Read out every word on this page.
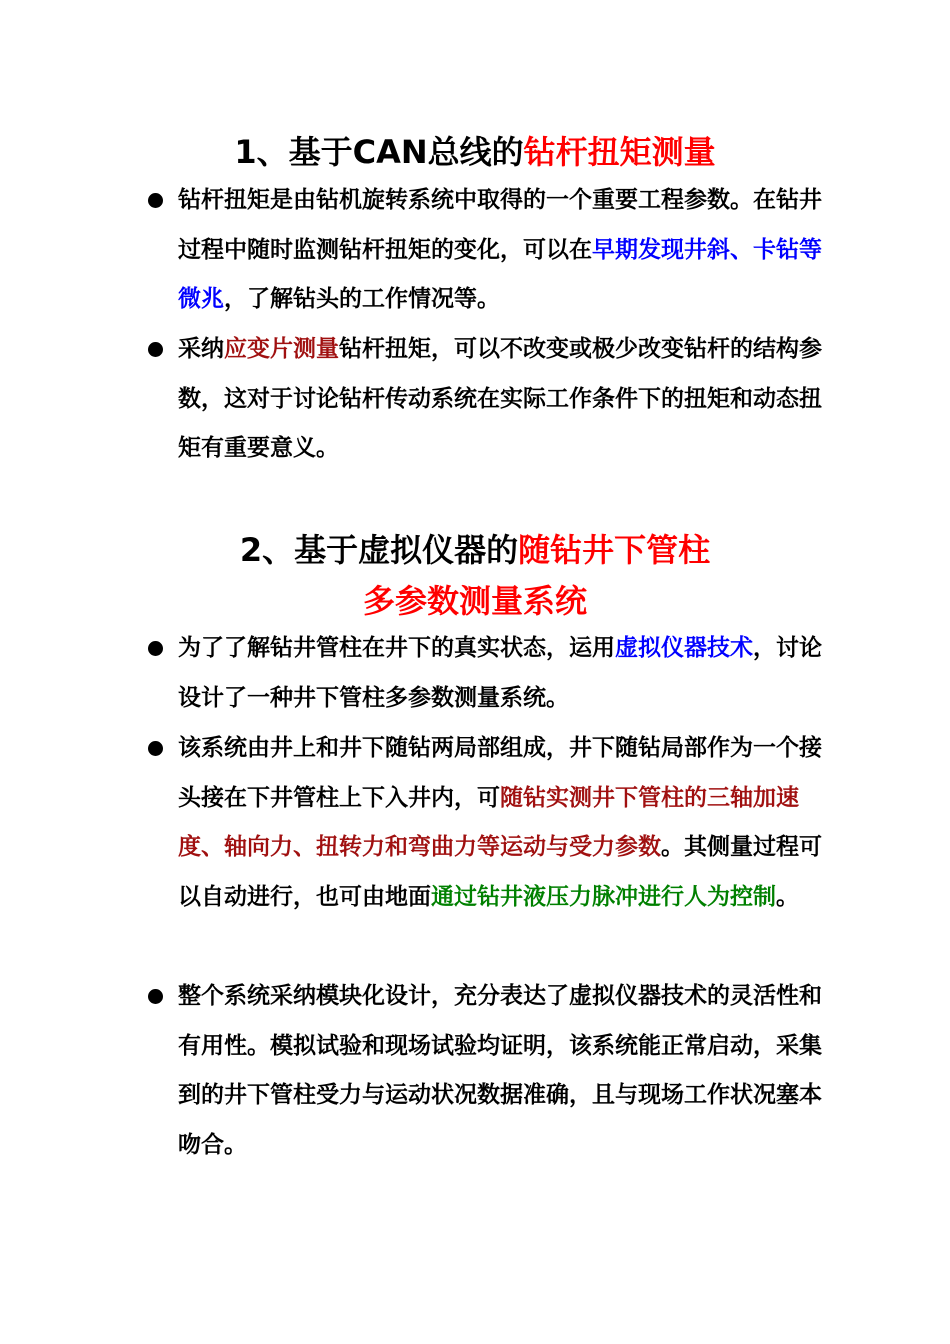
1、基于CAN总线的钻杆扭矩测量
钻杆扭矩是由钻机旋转系统中取得的一个重要工程参数。在钻井过程中随时监测钻杆扭矩的变化，可以在早期发现井斜、卡钻等微兆，了解钻头的工作情况等。
采纳应变片测量钻杆扭矩，可以不改变或极少改变钻杆的结构参数，这对于讨论钻杆传动系统在实际工作条件下的扭矩和动态扭矩有重要意义。
2、基于虚拟仪器的随钻井下管柱
多参数测量系统
为了了解钻井管柱在井下的真实状态，运用虚拟仪器技术，讨论设计了一种井下管柱多参数测量系统。
该系统由井上和井下随钻两局部组成，井下随钻局部作为一个接头接在下井管柱上下入井内，可随钻实测井下管柱的三轴加速度、轴向力、扭转力和弯曲力等运动与受力参数。其侧量过程可以自动进行，也可由地面通过钻井液压力脉冲进行人为控制。
整个系统采纳模块化设计，充分表达了虚拟仪器技术的灵活性和有用性。模拟试验和现场试验均证明，该系统能正常启动，采集到的井下管柱受力与运动状况数据准确，且与现场工作状况塞本吻合。
